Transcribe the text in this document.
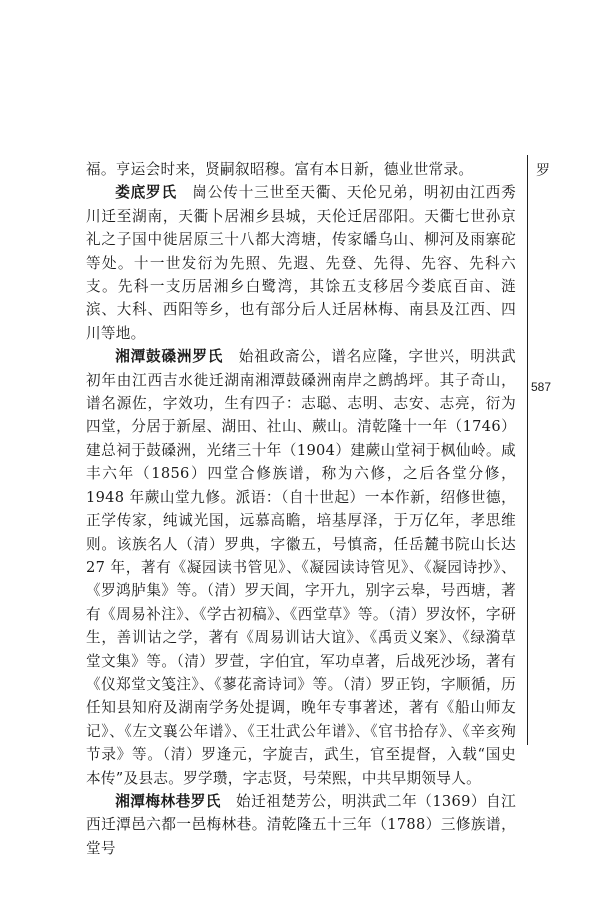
福。亨运会时来，贤嗣叙昭穆。富有本日新，德业世常录。

娄底罗氏  崗公传十三世至天衢、天伦兄弟，明初由江西秀川迁至湖南，天衢卜居湘乡县城，天伦迁居邵阳。天衢七世孙京礼之子国中徙居原三十八都大湾塘，传家皤乌山、柳河及雨寨砣等处。十一世发衍为先照、先遐、先登、先得、先容、先科六支。先科一支历居湘乡白鹭湾，其馀五支移居今娄底百亩、涟滨、大科、西阳等乡，也有部分后人迁居林梅、南县及江西、四川等地。

湘潭鼓磉洲罗氏  始祖政斋公，谱名应隆，字世兴，明洪武初年由江西吉水徙迁湖南湘潭鼓磉洲南岸之鹧鸪坪。其子奇山，谱名源佐，字效功，生有四子：志聪、志明、志安、志亮，衍为四堂，分居于新屋、湖田、社山、蕨山。清乾隆十一年（1746）建总祠于鼓磉洲，光绪三十年（1904）建蕨山堂祠于枫仙岭。咸丰六年（1856）四堂合修族谱，称为六修，之后各堂分修，1948 年蕨山堂九修。派语：（自十世起）一本作新，绍修世德，正学传家，纯诚光国，远慕高瞻，培基厚泽，于万亿年，孝思维则。该族名人（清）罗典，字徽五，号慎斋，任岳麓书院山长达 27 年，著有《凝园读书管见》、《凝园读诗管见》、《凝园诗抄》、《罗鸿胪集》等。（清）罗天阊，字开九，别字云皋，号西塘，著有《周易补注》、《学古初稿》、《西堂草》等。（清）罗汝怀，字研生，善训诂之学，著有《周易训诂大谊》、《禹贡义案》、《绿漪草堂文集》等。（清）罗萱，字伯宜，军功卓著，后战死沙场，著有《仪郑堂文笺注》、《蓼花斋诗词》等。（清）罗正钧，字顺循，历任知县知府及湖南学务处提调，晚年专事著述，著有《船山师友记》、《左文襄公年谱》、《王壮武公年谱》、《官书拾存》、《辛亥殉节录》等。（清）罗逢元，字旋吉，武生，官至提督，入载“国史本传”及县志。罗学瓒，字志贤，号荣熙，中共早期领导人。

湘潭梅林巷罗氏  始迁祖楚芳公，明洪武二年（1369）自江西迁潭邑六都一邑梅林巷。清乾隆五十三年（1788）三修族谱，堂号

罗
587
